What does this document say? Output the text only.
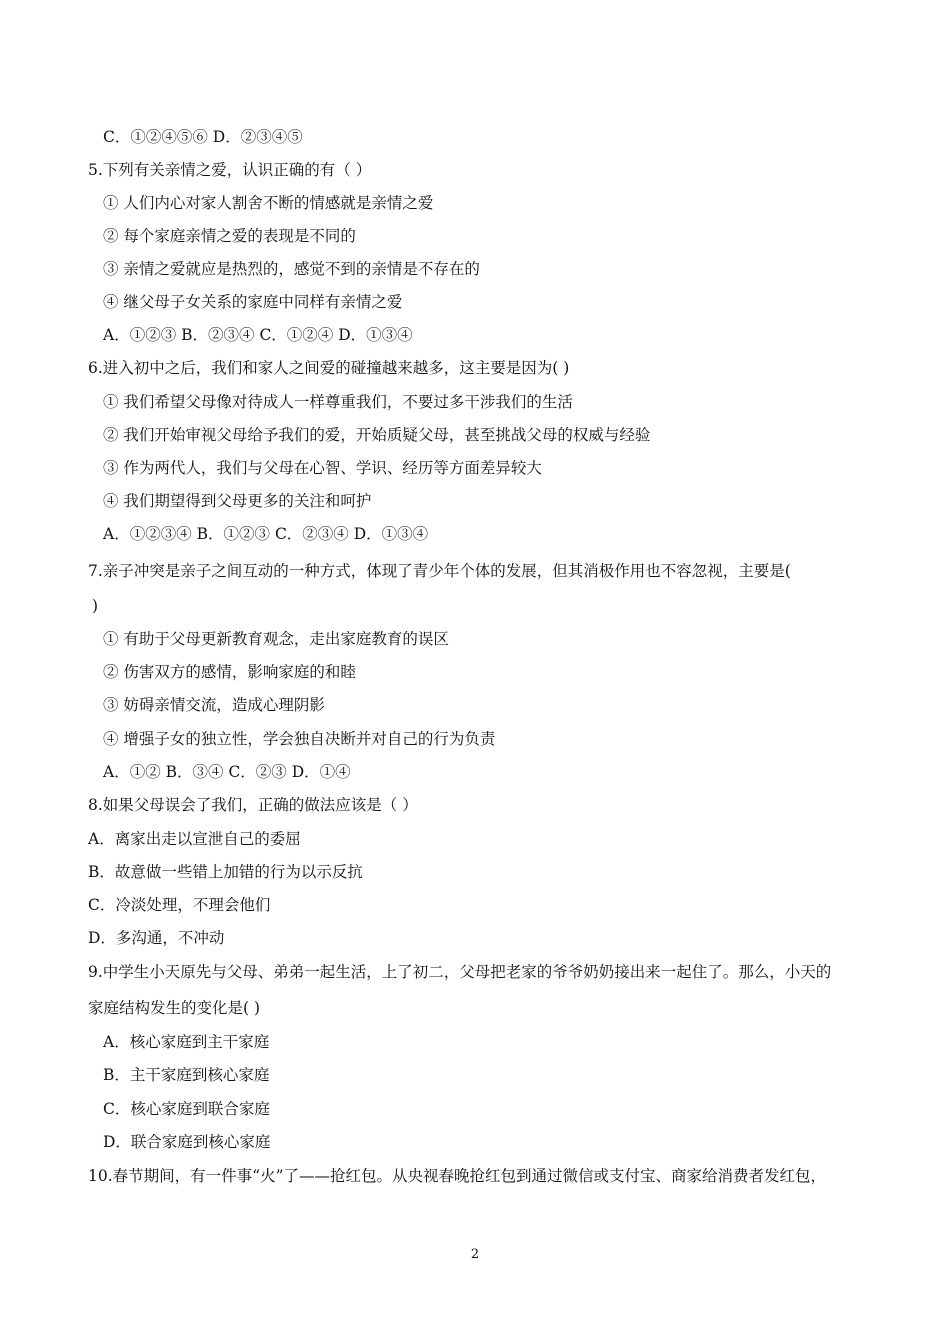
C．①②④⑤⑥ D．②③④⑤
5.下列有关亲情之爱，认识正确的有（ ）
① 人们内心对家人割舍不断的情感就是亲情之爱
② 每个家庭亲情之爱的表现是不同的
③ 亲情之爱就应是热烈的，感觉不到的亲情是不存在的
④ 继父母子女关系的家庭中同样有亲情之爱
A．①②③ B．②③④ C．①②④ D．①③④
6.进入初中之后，我们和家人之间爱的碰撞越来越多，这主要是因为( )
① 我们希望父母像对待成人一样尊重我们，不要过多干涉我们的生活
② 我们开始审视父母给予我们的爱，开始质疑父母，甚至挑战父母的权威与经验
③ 作为两代人，我们与父母在心智、学识、经历等方面差异较大
④ 我们期望得到父母更多的关注和呵护
A．①②③④ B．①②③ C．②③④ D．①③④
7.亲子冲突是亲子之间互动的一种方式，体现了青少年个体的发展，但其消极作用也不容忽视，主要是(
)
① 有助于父母更新教育观念，走出家庭教育的误区
② 伤害双方的感情，影响家庭的和睦
③ 妨碍亲情交流，造成心理阴影
④ 增强子女的独立性，学会独自决断并对自己的行为负责
A．①② B．③④ C．②③ D．①④
8.如果父母误会了我们，正确的做法应该是（ ）
A．离家出走以宣泄自己的委屈
B．故意做一些错上加错的行为以示反抗
C．冷淡处理，不理会他们
D．多沟通，不冲动
9.中学生小天原先与父母、弟弟一起生活，上了初二，父母把老家的爷爷奶奶接出来一起住了。那么，小天的
家庭结构发生的变化是( )
A．核心家庭到主干家庭
B．主干家庭到核心家庭
C．核心家庭到联合家庭
D．联合家庭到核心家庭
10.春节期间，有一件事“火”了——抢红包。从央视春晚抢红包到通过微信或支付宝、商家给消费者发红包，
2
